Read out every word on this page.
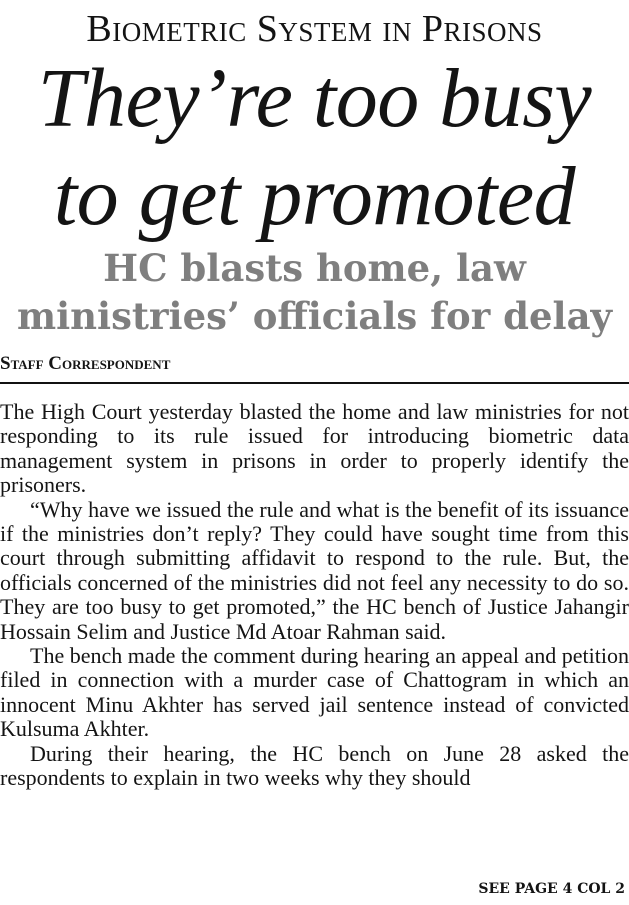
Biometric System in Prisons
They’re too busy
to get promoted
HC blasts home, law
ministries’ officials for delay
Staff Correspondent

The High Court yesterday blasted the home and law ministries for not responding to its rule issued for introducing biometric data management system in prisons in order to properly identify the prisoners.

“Why have we issued the rule and what is the benefit of its issuance if the ministries don’t reply? They could have sought time from this court through submitting affidavit to respond to the rule. But, the officials concerned of the ministries did not feel any necessity to do so. They are too busy to get promoted,” the HC bench of Justice Jahangir Hossain Selim and Justice Md Atoar Rahman said.

The bench made the comment during hearing an appeal and petition filed in connection with a murder case of Chattogram in which an innocent Minu Akhter has served jail sentence instead of convicted Kulsuma Akhter.

During their hearing, the HC bench on June 28 asked the respondents to explain in two weeks why they should

SEE PAGE 4 COL 2
